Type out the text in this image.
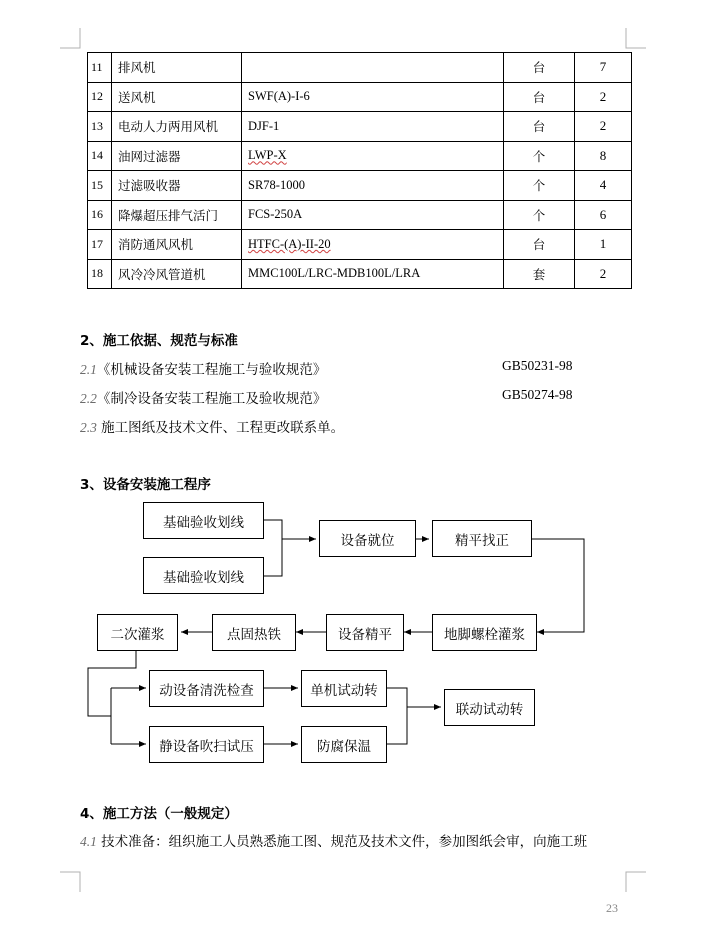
11	排风机		台	7
12	送风机	SWF(A)-I-6	台	2
13	电动人力两用风机	DJF-1	台	2
14	油网过滤器	LWP-X	个	8
15	过滤吸收器	SR78-1000	个	4
16	降爆超压排气活门	FCS-250A	个	6
17	消防通风风机	HTFC-(A)-II-20	台	1
18	风冷冷风管道机	MMC100L/LRC-MDB100L/LRA	套	2
2、施工依据、规范与标准
2.1《机械设备安装工程施工与验收规范》	GB50231-98
2.2《制冷设备安装工程施工及验收规范》	GB50274-98
2.3 施工图纸及技术文件、工程更改联系单。
3、设备安装施工程序
基础验收划线
基础验收划线
设备就位	精平找正
地脚螺栓灌浆
设备精平
点固热铁
二次灌浆
动设备清洗检查
静设备吹扫试压
单机试动转
防腐保温
联动试动转
4、施工方法（一般规定）
4.1 技术准备：组织施工人员熟悉施工图、规范及技术文件，参加图纸会审，向施工班
23
